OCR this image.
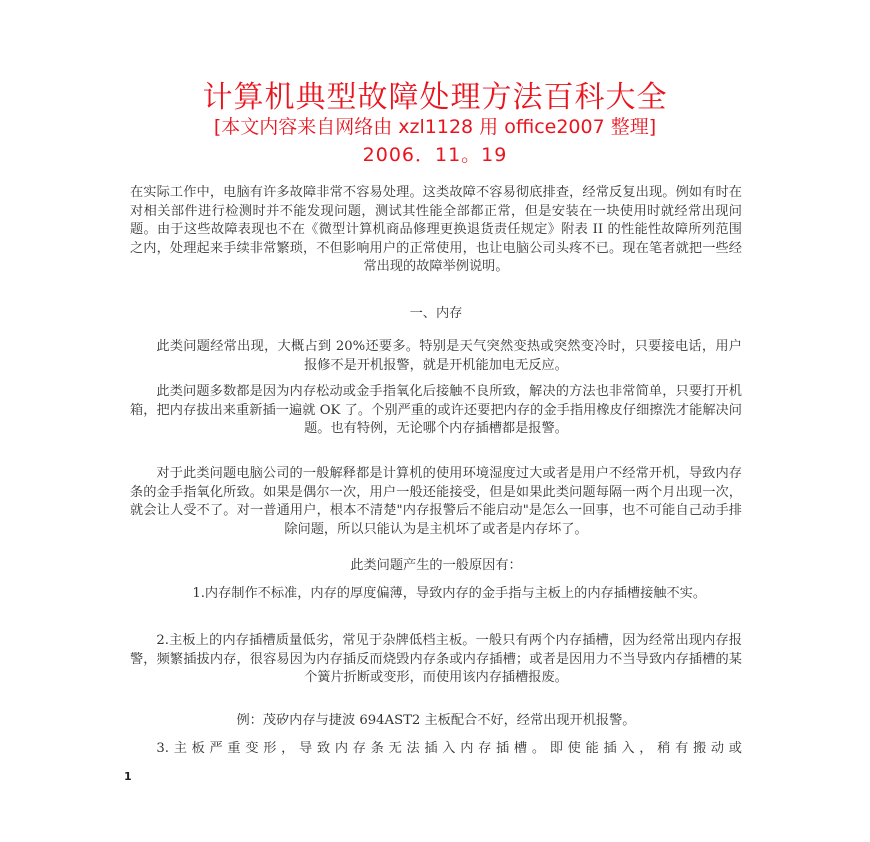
计算机典型故障处理方法百科大全
[本文内容来自网络由 xzl1128 用 office2007 整理]
2006．11。19
在实际工作中，电脑有许多故障非常不容易处理。这类故障不容易彻底排查，经常反复出现。例如有时在对相关部件进行检测时并不能发现问题，测试其性能全部都正常，但是安装在一块使用时就经常出现问题。由于这些故障表现也不在《微型计算机商品修理更换退货责任规定》附表 II 的性能性故障所列范围之内，处理起来手续非常繁琐，不但影响用户的正常使用，也让电脑公司头疼不已。现在笔者就把一些经常出现的故障举例说明。
一、内存
此类问题经常出现，大概占到 20%还要多。特别是天气突然变热或突然变冷时，只要接电话，用户报修不是开机报警，就是开机能加电无反应。
此类问题多数都是因为内存松动或金手指氧化后接触不良所致，解决的方法也非常简单，只要打开机箱，把内存拔出来重新插一遍就 OK 了。个别严重的或许还要把内存的金手指用橡皮仔细擦洗才能解决问题。也有特例，无论哪个内存插槽都是报警。
对于此类问题电脑公司的一般解释都是计算机的使用环境湿度过大或者是用户不经常开机，导致内存条的金手指氧化所致。如果是偶尔一次，用户一般还能接受，但是如果此类问题每隔一两个月出现一次，就会让人受不了。对一普通用户，根本不清楚"内存报警后不能启动"是怎么一回事，也不可能自己动手排除问题，所以只能认为是主机坏了或者是内存坏了。
此类问题产生的一般原因有：
1.内存制作不标准，内存的厚度偏薄，导致内存的金手指与主板上的内存插槽接触不实。
2.主板上的内存插槽质量低劣，常见于杂牌低档主板。一般只有两个内存插槽，因为经常出现内存报警，频繁插拔内存，很容易因为内存插反而烧毁内存条或内存插槽；或者是因用力不当导致内存插槽的某个簧片折断或变形，而使用该内存插槽报废。
例：茂矽内存与捷波 694AST2 主板配合不好，经常出现开机报警。
3.主板严重变形，导致内存条无法插入内存插槽。即使能插入，稍有搬动或
1
